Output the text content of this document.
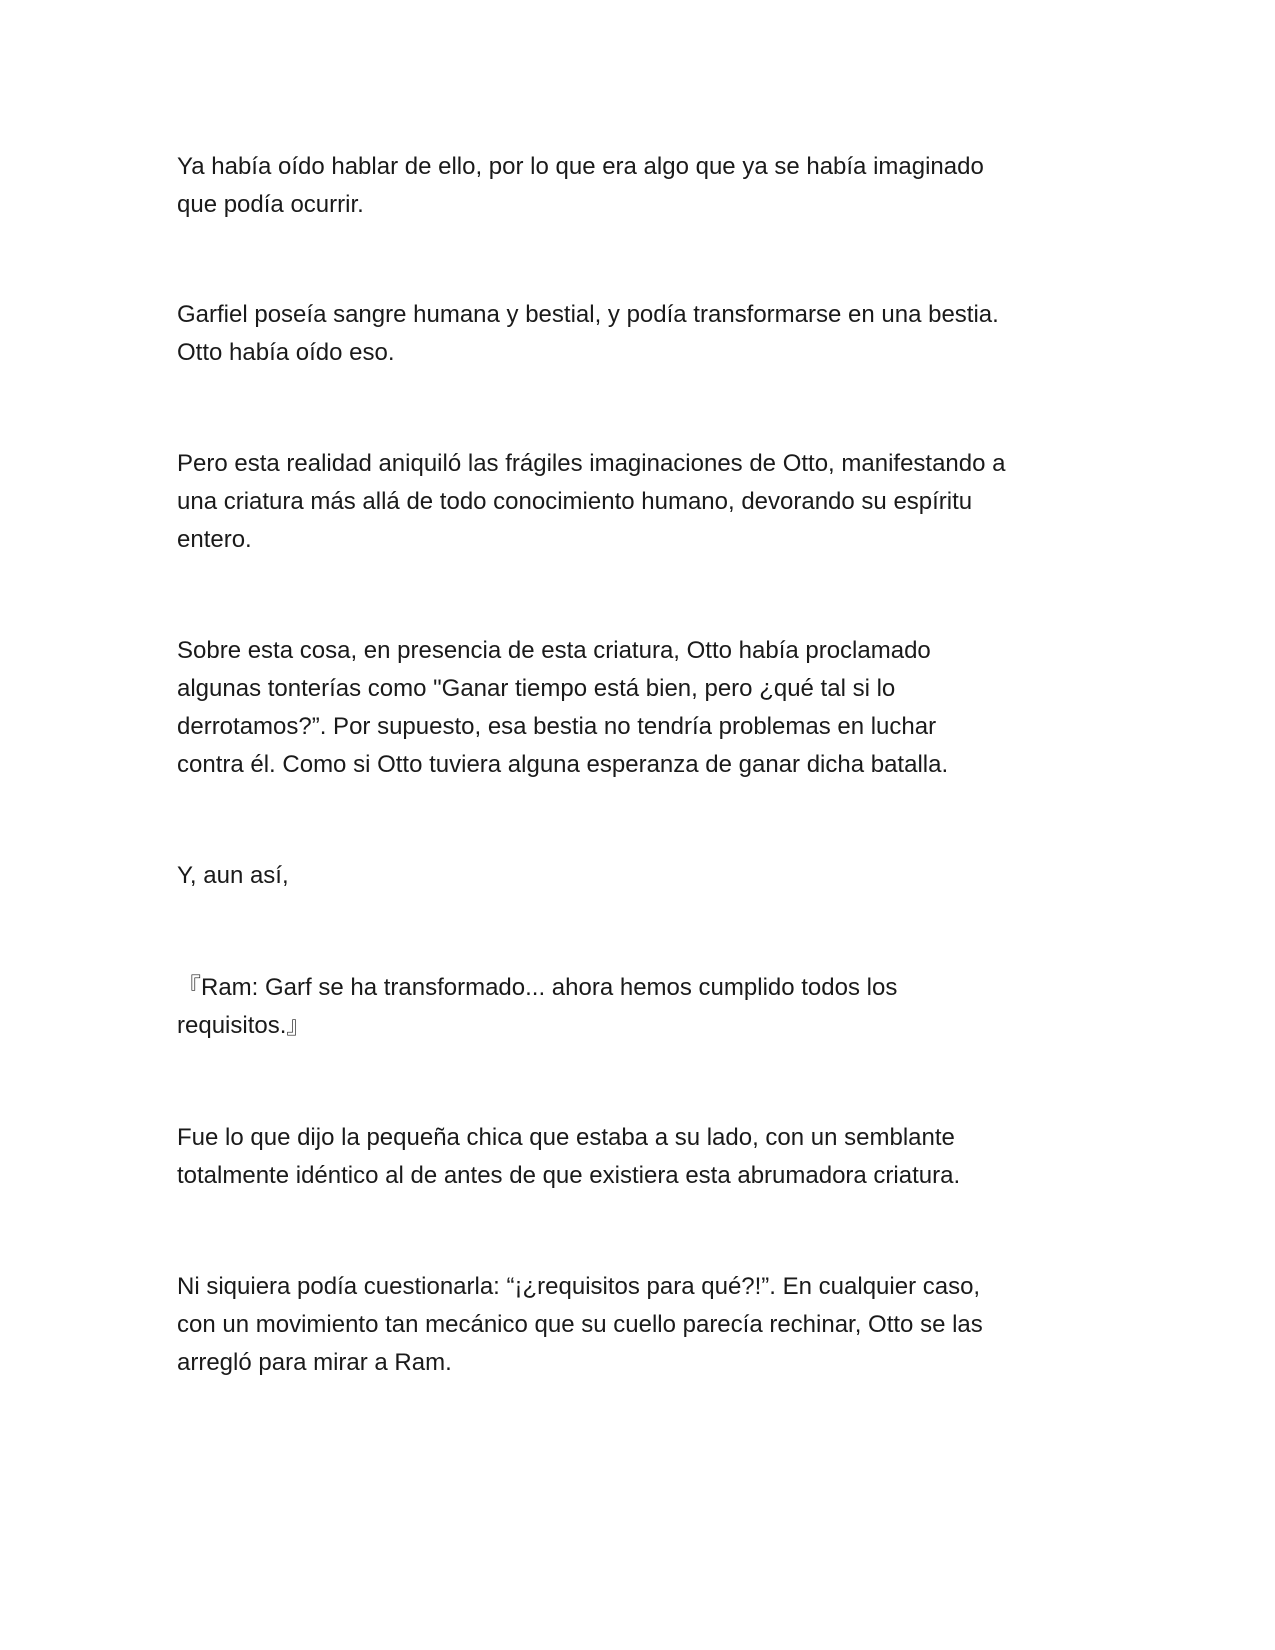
Ya había oído hablar de ello, por lo que era algo que ya se había imaginado
que podía ocurrir.

Garfiel poseía sangre humana y bestial, y podía transformarse en una bestia.
Otto había oído eso.

Pero esta realidad aniquiló las frágiles imaginaciones de Otto, manifestando a
una criatura más allá de todo conocimiento humano, devorando su espíritu
entero.

Sobre esta cosa, en presencia de esta criatura, Otto había proclamado
algunas tonterías como "Ganar tiempo está bien, pero ¿qué tal si lo
derrotamos?”. Por supuesto, esa bestia no tendría problemas en luchar
contra él. Como si Otto tuviera alguna esperanza de ganar dicha batalla.

Y, aun así,

『Ram: Garf se ha transformado... ahora hemos cumplido todos los
requisitos.』

Fue lo que dijo la pequeña chica que estaba a su lado, con un semblante
totalmente idéntico al de antes de que existiera esta abrumadora criatura.

Ni siquiera podía cuestionarla: “¡¿requisitos para qué?!”. En cualquier caso,
con un movimiento tan mecánico que su cuello parecía rechinar, Otto se las
arregló para mirar a Ram.
